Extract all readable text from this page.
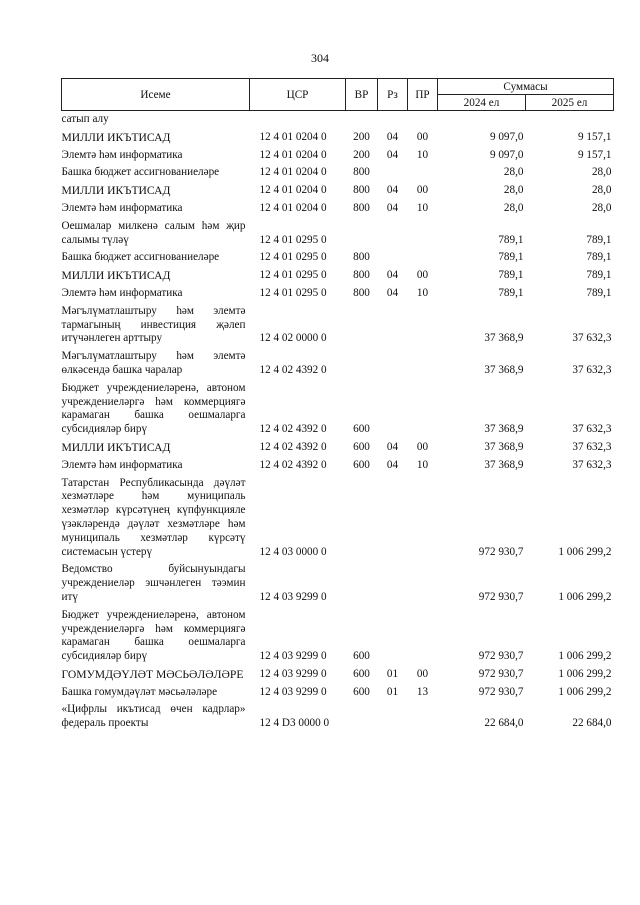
304
Исеме	ЦСР	ВР	Рз	ПР	Суммасы	
					2024 ел	2025 ел
сатып алу						
МИЛЛИ ИКЪТИСАД	12 4 01 0204 0	200	04	00	9 097,0	9 157,1
Элемтә һәм информатика	12 4 01 0204 0	200	04	10	9 097,0	9 157,1
Башка бюджет ассигнованиеләре	12 4 01 0204 0	800			28,0	28,0
МИЛЛИ ИКЪТИСАД	12 4 01 0204 0	800	04	00	28,0	28,0
Элемтә һәм информатика	12 4 01 0204 0	800	04	10	28,0	28,0
Оешмалар милкенә салым һәм җир салымы түләү	12 4 01 0295 0				789,1	789,1
Башка бюджет ассигнованиеләре	12 4 01 0295 0	800			789,1	789,1
МИЛЛИ ИКЪТИСАД	12 4 01 0295 0	800	04	00	789,1	789,1
Элемтә һәм информатика	12 4 01 0295 0	800	04	10	789,1	789,1
Мәгълүматлаштыру һәм элемтә тармагының инвестиция җәлеп итүчәнлеген арттыру	12 4 02 0000 0				37 368,9	37 632,3
Мәгълүматлаштыру һәм элемтә өлкәсендә башка чаралар	12 4 02 4392 0				37 368,9	37 632,3
Бюджет учреждениеләренә, автоном учреждениеләргә һәм коммерциягә карамаган башка оешмаларга субсидияләр бирү	12 4 02 4392 0	600			37 368,9	37 632,3
МИЛЛИ ИКЪТИСАД	12 4 02 4392 0	600	04	00	37 368,9	37 632,3
Элемтә һәм информатика	12 4 02 4392 0	600	04	10	37 368,9	37 632,3
Татарстан Республикасында дәүләт хезмәтләре һәм муниципаль хезмәтләр күрсәтүнең күпфункцияле үзәкләрендә дәүләт хезмәтләре һәм муниципаль хезмәтләр күрсәтү системасын үстерү	12 4 03 0000 0				972 930,7	1 006 299,2
Ведомство буйсынуындагы учреждениеләр эшчәнлеген тәэмин итү	12 4 03 9299 0				972 930,7	1 006 299,2
Бюджет учреждениеләренә, автоном учреждениеләргә һәм коммерциягә карамаган башка оешмаларга субсидияләр бирү	12 4 03 9299 0	600			972 930,7	1 006 299,2
ГОМУМДӘҮЛӘТ МӘСЬӘЛӘЛӘРЕ	12 4 03 9299 0	600	01	00	972 930,7	1 006 299,2
Башка гомумдәүләт мәсьәләләре	12 4 03 9299 0	600	01	13	972 930,7	1 006 299,2
«Цифрлы икътисад өчен кадрлар» федераль проекты	12 4 D3 0000 0				22 684,0	22 684,0
